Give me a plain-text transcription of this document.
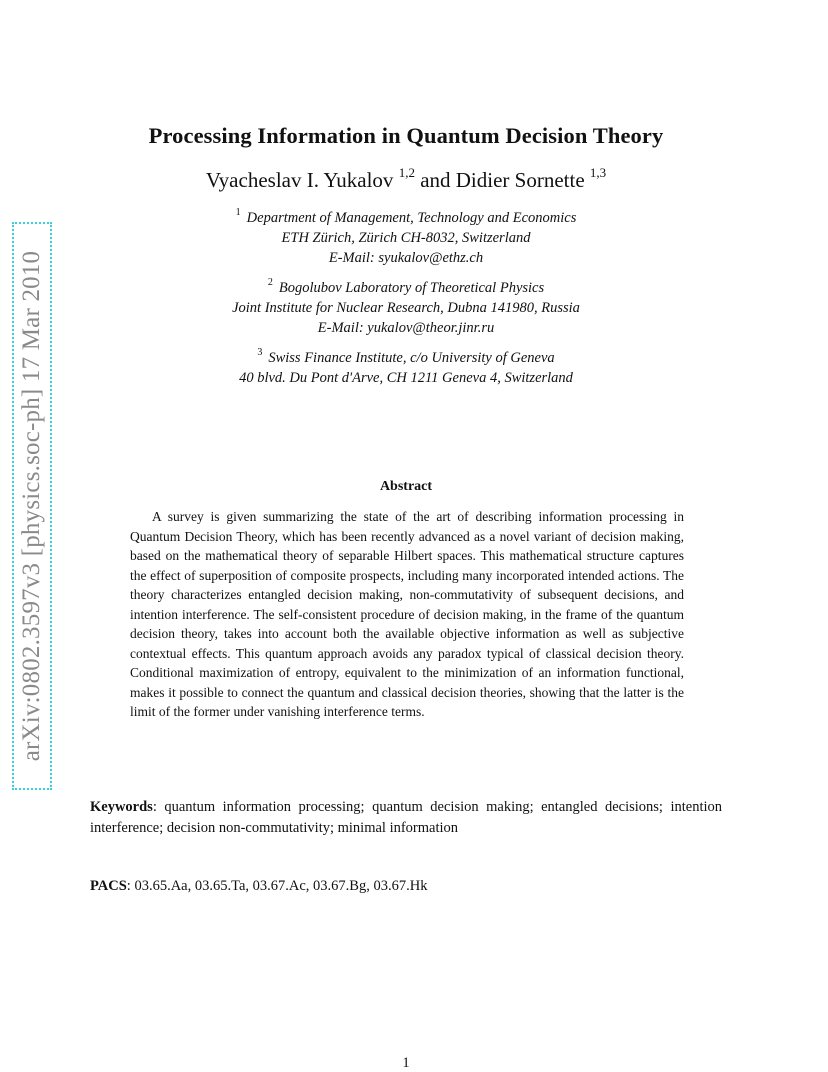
arXiv:0802.3597v3 [physics.soc-ph] 17 Mar 2010
Processing Information in Quantum Decision Theory
Vyacheslav I. Yukalov $^{1,2}$ and Didier Sornette $^{1,3}$
$^1$ Department of Management, Technology and Economics
ETH Zürich, Zürich CH-8032, Switzerland
E-Mail: syukalov@ethz.ch
$^2$ Bogolubov Laboratory of Theoretical Physics
Joint Institute for Nuclear Research, Dubna 141980, Russia
E-Mail: yukalov@theor.jinr.ru
$^3$ Swiss Finance Institute, c/o University of Geneva
40 blvd. Du Pont d'Arve, CH 1211 Geneva 4, Switzerland
Abstract

A survey is given summarizing the state of the art of describing information processing in Quantum Decision Theory, which has been recently advanced as a novel variant of decision making, based on the mathematical theory of separable Hilbert spaces. This mathematical structure captures the effect of superposition of composite prospects, including many incorporated intended actions. The theory characterizes entangled decision making, non-commutativity of subsequent decisions, and intention interference. The self-consistent procedure of decision making, in the frame of the quantum decision theory, takes into account both the available objective information as well as subjective contextual effects. This quantum approach avoids any paradox typical of classical decision theory. Conditional maximization of entropy, equivalent to the minimization of an information functional, makes it possible to connect the quantum and classical decision theories, showing that the latter is the limit of the former under vanishing interference terms.

Keywords: quantum information processing; quantum decision making; entangled decisions; intention interference; decision non-commutativity; minimal information
PACS: 03.65.Aa, 03.65.Ta, 03.67.Ac, 03.67.Bg, 03.67.Hk
1
